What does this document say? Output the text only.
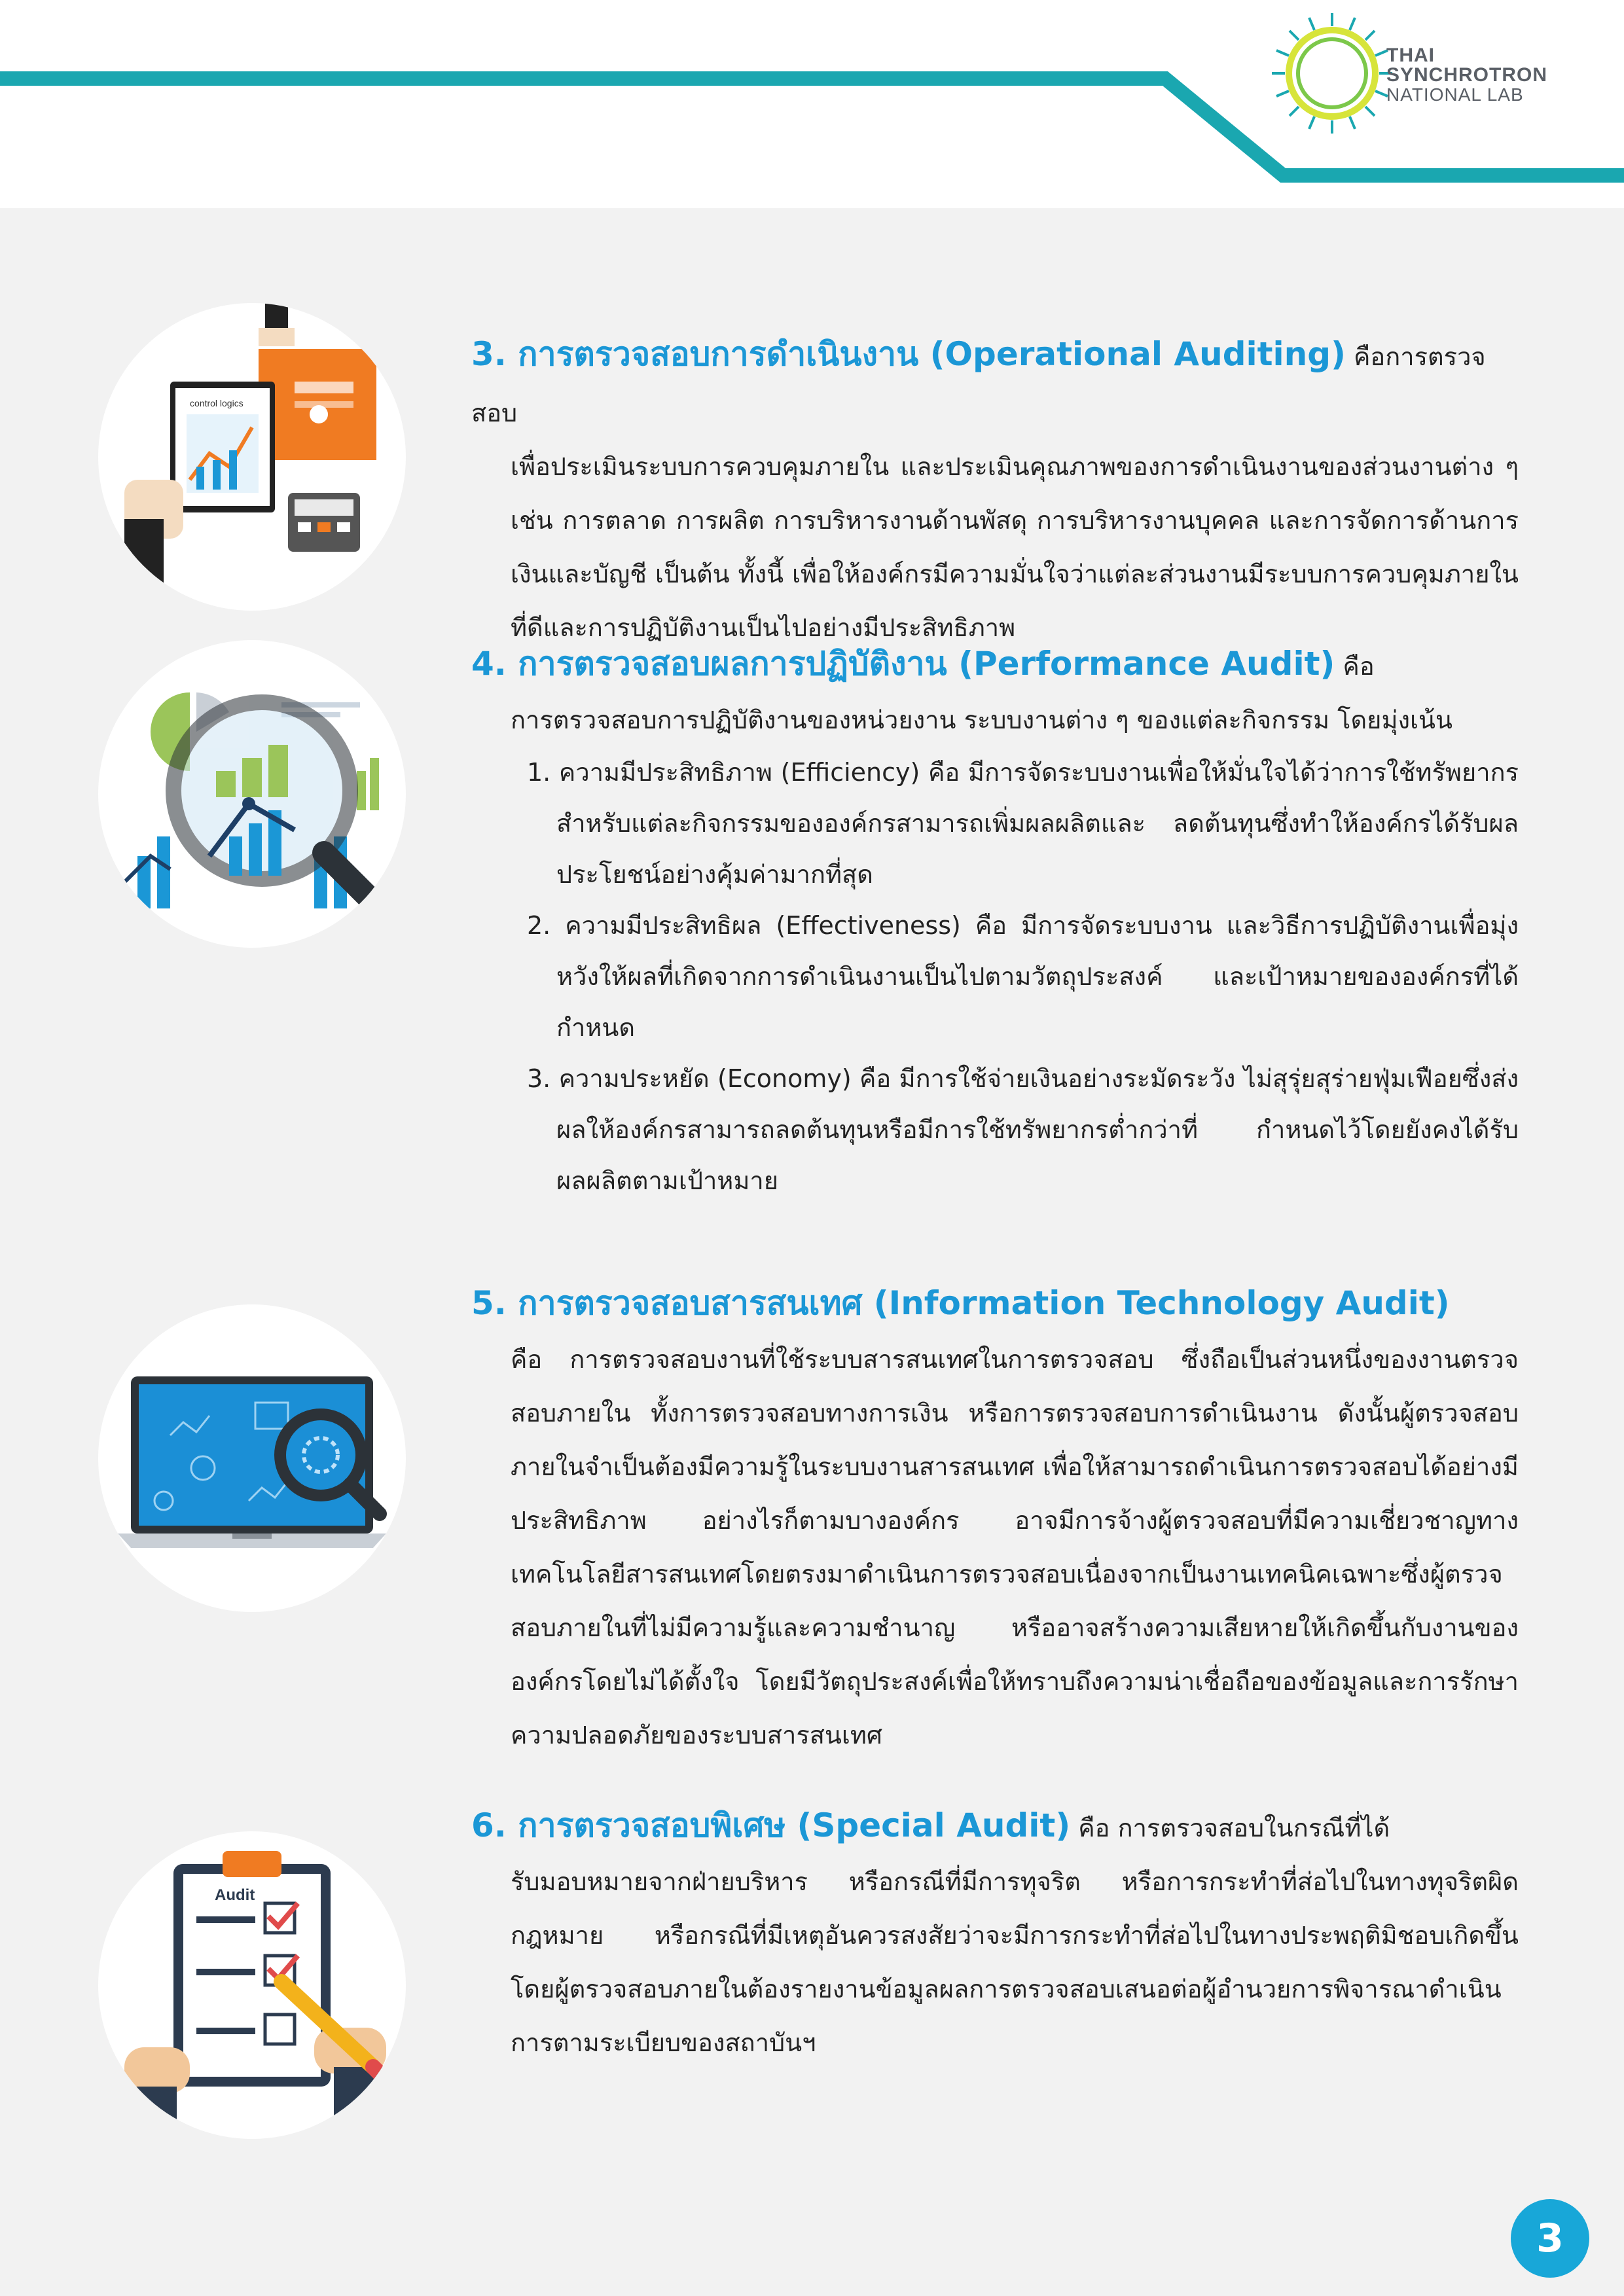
THAI
SYNCHROTRON
NATIONAL LAB
control logics
3. การตรวจสอบการดำเนินงาน (Operational Auditing) คือการตรวจสอบ
เพื่อประเมินระบบการควบคุมภายใน และประเมินคุณภาพของการดำเนินงานของส่วนงานต่าง ๆ เช่น การตลาด การผลิต การบริหารงานด้านพัสดุ การบริหารงานบุคคล และการจัดการด้านการเงินและบัญชี เป็นต้น ทั้งนี้ เพื่อให้องค์กรมีความมั่นใจว่าแต่ละส่วนงานมีระบบการควบคุมภายในที่ดีและการปฏิบัติงานเป็นไปอย่างมีประสิทธิภาพ
4. การตรวจสอบผลการปฏิบัติงาน (Performance Audit) คือ
การตรวจสอบการปฏิบัติงานของหน่วยงาน ระบบงานต่าง ๆ ของแต่ละกิจกรรม โดยมุ่งเน้น
1. ความมีประสิทธิภาพ (Efficiency) คือ มีการจัดระบบงานเพื่อให้มั่นใจได้ว่าการใช้ทรัพยากรสำหรับแต่ละกิจกรรมขององค์กรสามารถเพิ่มผลผลิตและ ลดต้นทุนซึ่งทำให้องค์กรได้รับผลประโยชน์อย่างคุ้มค่ามากที่สุด
2. ความมีประสิทธิผล (Effectiveness) คือ มีการจัดระบบงาน และวิธีการปฏิบัติงานเพื่อมุ่งหวังให้ผลที่เกิดจากการดำเนินงานเป็นไปตามวัตถุประสงค์ และเป้าหมายขององค์กรที่ได้กำหนด
3. ความประหยัด (Economy) คือ มีการใช้จ่ายเงินอย่างระมัดระวัง ไม่สุรุ่ยสุร่ายฟุ่มเฟือยซึ่งส่งผลให้องค์กรสามารถลดต้นทุนหรือมีการใช้ทรัพยากรต่ำกว่าที่ กำหนดไว้โดยยังคงได้รับผลผลิตตามเป้าหมาย
5. การตรวจสอบสารสนเทศ (Information Technology Audit)
คือ การตรวจสอบงานที่ใช้ระบบสารสนเทศในการตรวจสอบ ซึ่งถือเป็นส่วนหนึ่งของงานตรวจสอบภายใน ทั้งการตรวจสอบทางการเงิน หรือการตรวจสอบการดำเนินงาน ดังนั้นผู้ตรวจสอบภายในจำเป็นต้องมีความรู้ในระบบงานสารสนเทศ เพื่อให้สามารถดำเนินการตรวจสอบได้อย่างมีประสิทธิภาพ อย่างไรก็ตามบางองค์กร อาจมีการจ้างผู้ตรวจสอบที่มีความเชี่ยวชาญทางเทคโนโลยีสารสนเทศโดยตรงมาดำเนินการตรวจสอบเนื่องจากเป็นงานเทคนิคเฉพาะซึ่งผู้ตรวจสอบภายในที่ไม่มีความรู้และความชำนาญ หรืออาจสร้างความเสียหายให้เกิดขึ้นกับงานขององค์กรโดยไม่ได้ตั้งใจ โดยมีวัตถุประสงค์เพื่อให้ทราบถึงความน่าเชื่อถือของข้อมูลและการรักษาความปลอดภัยของระบบสารสนเทศ
Audit
6. การตรวจสอบพิเศษ (Special Audit) คือ การตรวจสอบในกรณีที่ได้
รับมอบหมายจากฝ่ายบริหาร หรือกรณีที่มีการทุจริต หรือการกระทำที่ส่อไปในทางทุจริตผิดกฎหมาย หรือกรณีที่มีเหตุอันควรสงสัยว่าจะมีการกระทำที่ส่อไปในทางประพฤติมิชอบเกิดขึ้น โดยผู้ตรวจสอบภายในต้องรายงานข้อมูลผลการตรวจสอบเสนอต่อผู้อำนวยการพิจารณาดำเนินการตามระเบียบของสถาบันฯ
3
